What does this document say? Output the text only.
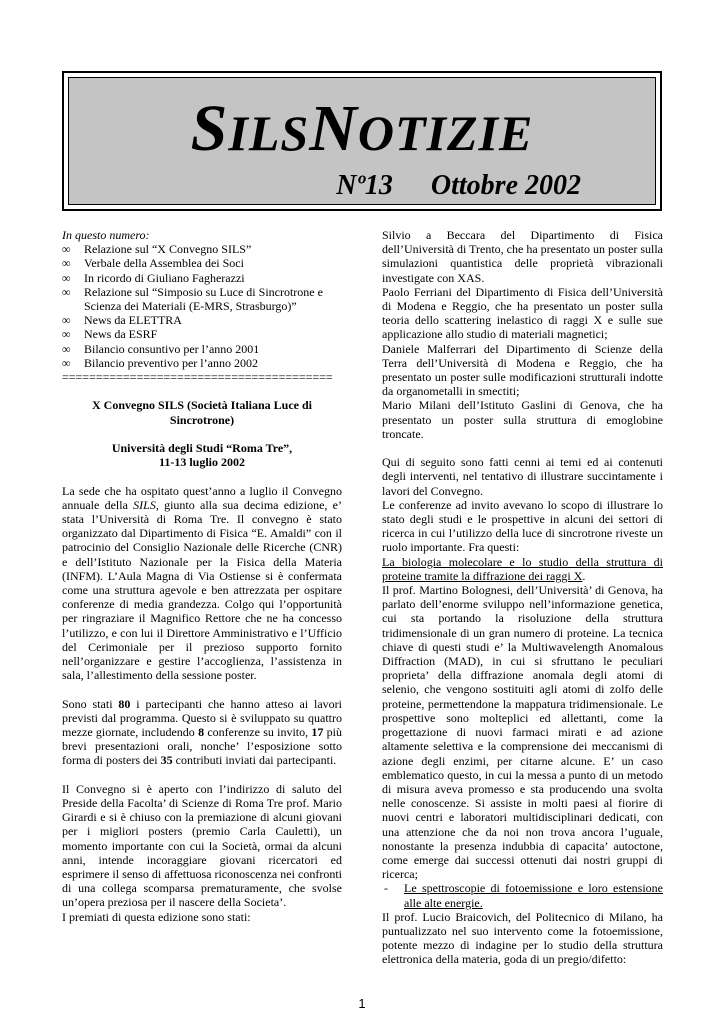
SILSNOTIZIE
Nº13 Ottobre 2002
In questo numero:
∞ Relazione sul “X Convegno SILS”
∞ Verbale della Assemblea dei Soci
∞ In ricordo di Giuliano Fagherazzi
∞ Relazione sul “Simposio su Luce di Sincrotrone e Scienza dei Materiali (E-MRS, Strasburgo)”
∞ News da ELETTRA
∞ News da ESRF
∞ Bilancio consuntivo per l’anno 2001
∞ Bilancio preventivo per l’anno 2002
========================================
X Convegno SILS (Società Italiana Luce di Sincrotrone)
Università degli Studi “Roma Tre”,
11-13 luglio 2002

La sede che ha ospitato quest’anno a luglio il Convegno annuale della SILS, giunto alla sua decima edizione, e’ stata l’Università di Roma Tre. Il convegno è stato organizzato dal Dipartimento di Fisica “E. Amaldi” con il patrocinio del Consiglio Nazionale delle Ricerche (CNR) e dell’Istituto Nazionale per la Fisica della Materia (INFM). L’Aula Magna di Via Ostiense si è confermata come una struttura agevole e ben attrezzata per ospitare conferenze di media grandezza. Colgo qui l’opportunità per ringraziare il Magnifico Rettore che ne ha concesso l’utilizzo, e con lui il Direttore Amministrativo e l’Ufficio del Cerimoniale per il prezioso supporto fornito nell’organizzare e gestire l’accoglienza, l’assistenza in sala, l’allestimento della sessione poster.

Sono stati 80 i partecipanti che hanno atteso ai lavori previsti dal programma. Questo si è sviluppato su quattro mezze giornate, includendo 8 conferenze su invito, 17 più brevi presentazioni orali, nonche’ l’esposizione sotto forma di posters dei 35 contributi inviati dai partecipanti.

Il Convegno si è aperto con l’indirizzo di saluto del Preside della Facolta’ di Scienze di Roma Tre prof. Mario Girardi e si è chiuso con la premiazione di alcuni giovani per i migliori posters (premio Carla Cauletti), un momento importante con cui la Società, ormai da alcuni anni, intende incoraggiare giovani ricercatori ed esprimere il senso di affettuosa riconoscenza nei confronti di una collega scomparsa prematuramente, che svolse un’opera preziosa per il nascere della Societa’.

I premiati di questa edizione sono stati:

Silvio a Beccara del Dipartimento di Fisica dell’Università di Trento, che ha presentato un poster sulla simulazioni quantistica delle proprietà vibrazionali investigate con XAS.

Paolo Ferriani del Dipartimento di Fisica dell’Università di Modena e Reggio, che ha presentato un poster sulla teoria dello scattering inelastico di raggi X e sulle sue applicazione allo studio di materiali magnetici;

Daniele Malferrari del Dipartimento di Scienze della Terra dell’Università di Modena e Reggio, che ha presentato un poster sulle modificazioni strutturali indotte da organometalli in smectiti;

Mario Milani dell’Istituto Gaslini di Genova, che ha presentato un poster sulla struttura di emoglobine troncate.

Qui di seguito sono fatti cenni ai temi ed ai contenuti degli interventi, nel tentativo di illustrare succintamente i lavori del Convegno.

Le conferenze ad invito avevano lo scopo di illustrare lo stato degli studi e le prospettive in alcuni dei settori di ricerca in cui l’utilizzo della luce di sincrotrone riveste un ruolo importante. Fra questi:

La biologia molecolare e lo studio della struttura di proteine tramite la diffrazione dei raggi X.

Il prof. Martino Bolognesi, dell’Università’ di Genova, ha parlato dell’enorme sviluppo nell’informazione genetica, cui sta portando la risoluzione della struttura tridimensionale di un gran numero di proteine. La tecnica chiave di questi studi e’ la Multiwavelength Anomalous Diffraction (MAD), in cui si sfruttano le peculiari proprieta’ della diffrazione anomala degli atomi di selenio, che vengono sostituiti agli atomi di zolfo delle proteine, permettendone la mappatura tridimensionale. Le prospettive sono molteplici ed allettanti, come la progettazione di nuovi farmaci mirati e ad azione altamente selettiva e la comprensione dei meccanismi di azione degli enzimi, per citarne alcune. E’ un caso emblematico questo, in cui la messa a punto di un metodo di misura aveva promesso e sta producendo una svolta nelle conoscenze. Si assiste in molti paesi al fiorire di nuovi centri e laboratori multidisciplinari dedicati, con una attenzione che da noi non trova ancora l’uguale, nonostante la presenza indubbia di capacita’ autoctone, come emerge dai successi ottenuti dai nostri gruppi di ricerca;

- Le spettroscopie di fotoemissione e loro estensione alle alte energie.

Il prof. Lucio Braicovich, del Politecnico di Milano, ha puntualizzato nel suo intervento come la fotoemissione, potente mezzo di indagine per lo studio della struttura elettronica della materia, goda di un pregio/difetto:

1
